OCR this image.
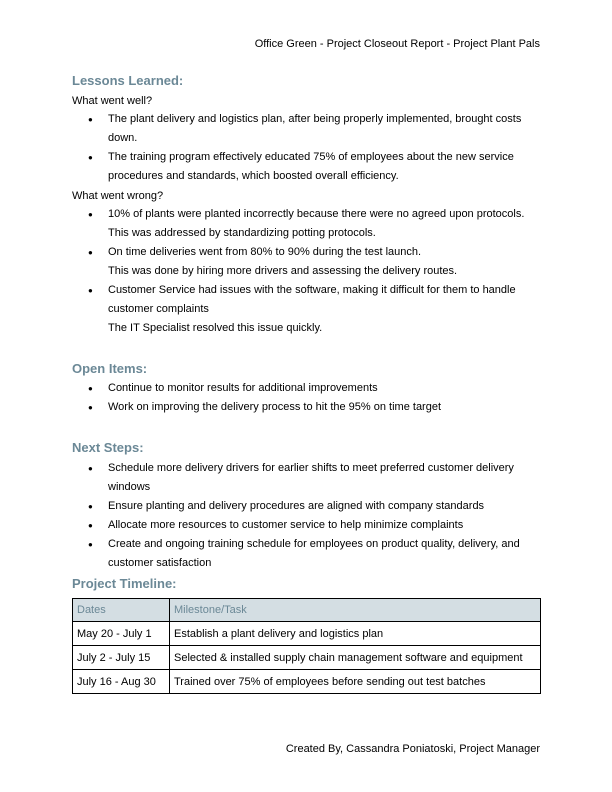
Office Green - Project Closeout Report - Project Plant Pals
Lessons Learned:
What went well?
● The plant delivery and logistics plan, after being properly implemented, brought costs down.
● The training program effectively educated 75% of employees about the new service procedures and standards, which boosted overall efficiency.
What went wrong?
● 10% of plants were planted incorrectly because there were no agreed upon protocols.
This was addressed by standardizing potting protocols.
● On time deliveries went from 80% to 90% during the test launch.
This was done by hiring more drivers and assessing the delivery routes.
● Customer Service had issues with the software, making it difficult for them to handle customer complaints
The IT Specialist resolved this issue quickly.
Open Items:
● Continue to monitor results for additional improvements
● Work on improving the delivery process to hit the 95% on time target
Next Steps:
● Schedule more delivery drivers for earlier shifts to meet preferred customer delivery windows
● Ensure planting and delivery procedures are aligned with company standards
● Allocate more resources to customer service to help minimize complaints
● Create and ongoing training schedule for employees on product quality, delivery, and customer satisfaction
Project Timeline:
Dates	Milestone/Task
May 20 - July 1	Establish a plant delivery and logistics plan
July 2 - July 15	Selected & installed supply chain management software and equipment
July 16 - Aug 30	Trained over 75% of employees before sending out test batches
Created By, Cassandra Poniatoski, Project Manager
